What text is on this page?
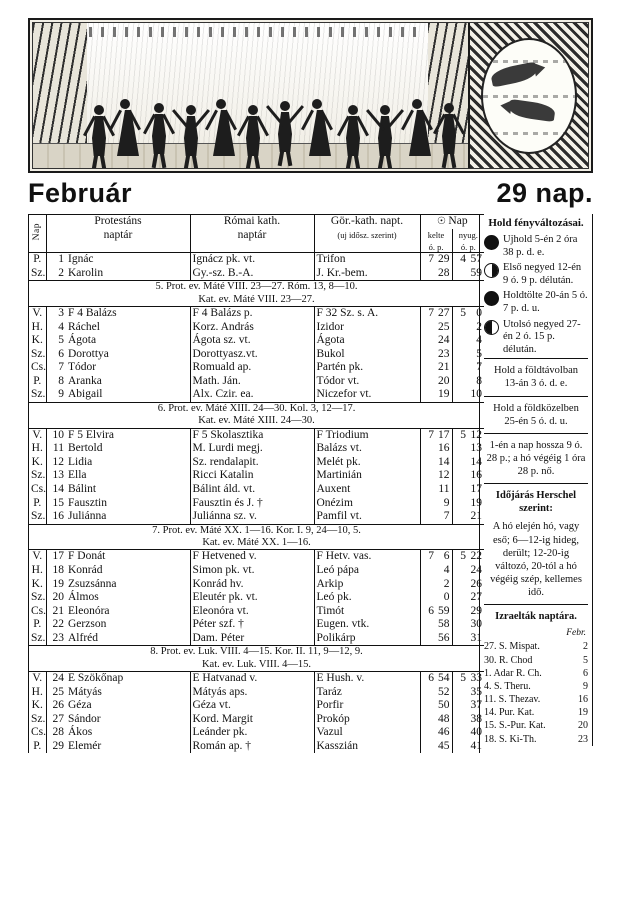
Február	29 nap.
Nap	Protestáns		Római kath.	Gör.-kath. napt.	☉ Nap			
	naptár		naptár	(uj idősz. szerint)	kelte		nyug.	
					ó. p.		ó. p.	
P.	1	Ignác	Ignácz pk. vt.	Trifon	7	29	4	57
Sz.	2	Karolin	Gy.-sz. B.-A.	J. Kr.-bem.		28		59

5. Prot. ev. Máté VIII. 23—27. Róm. 13, 8—10.
Kat. ev. Máté VIII. 23—27.								

V.	3	F 4 Balázs	F 4 Balázs p.	F 32 Sz. s. A.	7	27	5	0
H.	4	Ráchel	Korz. András	Izidor		25		2
K.	5	Ágota	Ágota sz. vt.	Ágota		24		4
Sz.	6	Dorottya	Dorottyasz.vt.	Bukol		23		5
Cs.	7	Tódor	Romuald ap.	Partén pk.		21		7
P.	8	Aranka	Math. Ján.	Tódor vt.		20		8
Sz.	9	Abigail	Alx. Czir. ea.	Niczefor vt.		19		10

6. Prot. ev. Máté XIII. 24—30. Kol. 3, 12—17.
Kat. ev. Máté XIII. 24—30.								

V.	10	F 5 Elvira	F 5 Skolasztika	F Triodium	7	17	5	12
H.	11	Bertold	M. Lurdi megj.	Balázs vt.		16		13
K.	12	Lidia	Sz. rendalapit.	Melét pk.		14		14
Sz.	13	Ella	Ricci Katalin	Martinián		12		16
Cs.	14	Bálint	Bálint áld. vt.	Auxent		11		17
P.	15	Fausztin	Fausztin és J. †	Onézim		9		19
Sz.	16	Juliánna	Juliánna sz. v.	Pamfil vt.		7		21

7. Prot. ev. Máté XX. 1—16. Kor. I. 9, 24—10, 5.
Kat. ev. Máté XX. 1—16.								

V.	17	F Donát	F Hetvened v.	F Hetv. vas.	7	6	5	22
H.	18	Konrád	Simon pk. vt.	Leó pápa		4		24
K.	19	Zsuzsánna	Konrád hv.	Arkip		2		26
Sz.	20	Álmos	Eleutér pk. vt.	Leó pk.		0		27
Cs.	21	Eleonóra	Eleonóra vt.	Timót	6	59		29
P.	22	Gerzson	Péter szf. †	Eugen. vtk.		58		30
Sz.	23	Alfréd	Dam. Péter	Polikárp		56		31

8. Prot. ev. Luk. VIII. 4—15. Kor. II. 11, 9—12, 9.
Kat. ev. Luk. VIII. 4—15.								

V.	24	E Szökőnap	E Hatvanad v.	E Hush. v.	6	54	5	33
H.	25	Mátyás	Mátyás aps.	Taráz		52		35
K.	26	Géza	Géza vt.	Porfir		50		37
Sz.	27	Sándor	Kord. Margit	Prokóp		48		38
Cs.	28	Ákos	Leánder pk.	Vazul		46		40
P.	29	Elemér	Román ap. †	Kasszián		45		41
Hold fényváltozásai.
Ujhold 5-én 2 óra 38 p. d. e.
Első negyed 12-én 9 ó. 9 p. délután.
Holdtölte 20-án 5 ó. 7 p. d. u.
Utolsó negyed 27-én 2 ó. 15 p. délután.
Hold a földtávolban 13-án 3 ó. d. e.
Hold a földközelben 25-én 5 ó. d. u.
1-én a nap hossza 9 ó. 28 p.; a hó végéig 1 óra 28 p. nő.
Időjárás Herschel szerint:
A hó elején hó, vagy eső; 6—12-ig hideg, derült; 12-20-ig változó, 20-tól a hó végéig szép, kellemes idő.
Izraelták naptára.
Febr.
27. S. Mispat.	2
30. R. Chod	5
1. Adar R. Ch.	6
4. S. Theru.	9
11. S. Thezav.	16
14. Pur. Kat.	19
15. S.-Pur. Kat.	20
18. S. Ki-Th.	23
